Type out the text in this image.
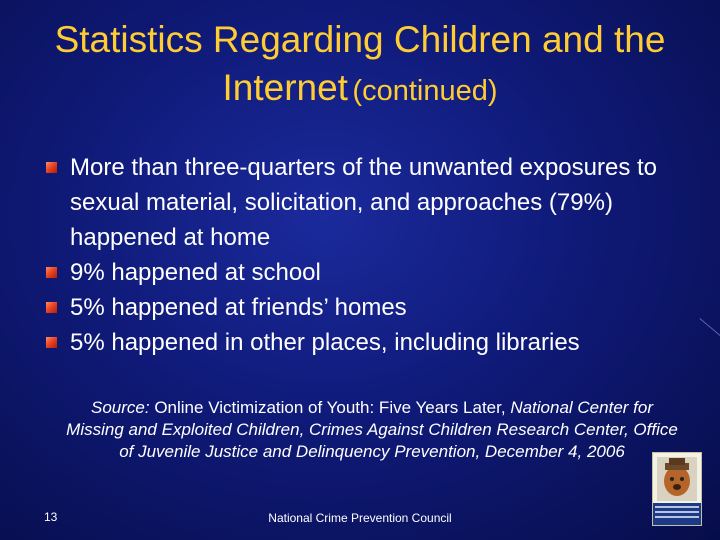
Statistics Regarding Children and the Internet (continued)
More than three-quarters of the unwanted exposures to sexual material, solicitation, and approaches (79%) happened at home
9% happened at school
5% happened at friends’ homes
5% happened in other places, including libraries
Source: Online Victimization of Youth: Five Years Later, National Center for Missing and Exploited Children, Crimes Against Children Research Center, Office of Juvenile Justice and Delinquency Prevention, December 4, 2006
13	National Crime Prevention Council
